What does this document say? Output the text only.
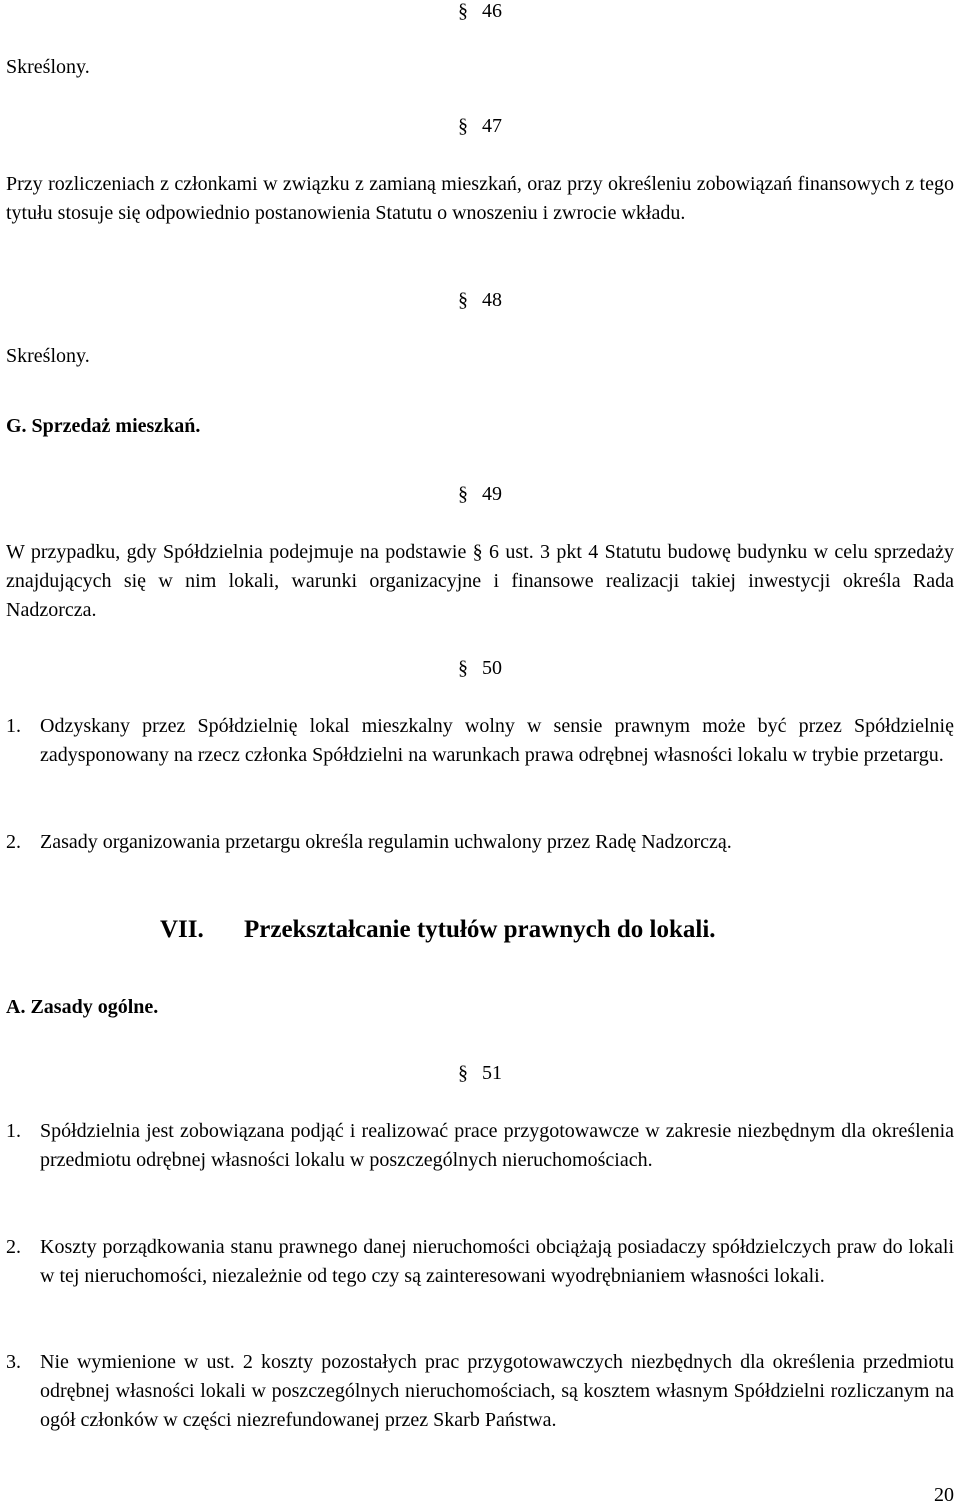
§ 46
Skreślony.
§ 47

Przy rozliczeniach z członkami w związku z zamianą mieszkań, oraz przy określeniu zobowiązań finansowych z tego tytułu stosuje się odpowiednio postanowienia Statutu o wnoszeniu i zwrocie wkładu.

§ 48
Skreślony.
G. Sprzedaż mieszkań.
§ 49

W przypadku, gdy Spółdzielnia podejmuje na podstawie § 6 ust. 3 pkt 4 Statutu budowę budynku w celu sprzedaży znajdujących się w nim lokali, warunki organizacyjne i finansowe realizacji takiej inwestycji określa Rada Nadzorcza.

§ 50
1. Odzyskany przez Spółdzielnię lokal mieszkalny wolny w sensie prawnym może być przez Spółdzielnię zadysponowany na rzecz członka Spółdzielni na warunkach prawa odrębnej własności lokalu w trybie przetargu.

2. Zasady organizowania przetargu określa regulamin uchwalony przez Radę Nadzorczą.

VII. Przekształcanie tytułów prawnych do lokali.
A. Zasady ogólne.
§ 51
1. Spółdzielnia jest zobowiązana podjąć i realizować prace przygotowawcze w zakresie niezbędnym dla określenia przedmiotu odrębnej własności lokalu w poszczególnych nieruchomościach.

2. Koszty porządkowania stanu prawnego danej nieruchomości obciążają posiadaczy spółdzielczych praw do lokali w tej nieruchomości, niezależnie od tego czy są zainteresowani wyodrębnianiem własności lokali.

3. Nie wymienione w ust. 2 koszty pozostałych prac przygotowawczych niezbędnych dla określenia przedmiotu odrębnej własności lokali w poszczególnych nieruchomościach, są kosztem własnym Spółdzielni rozliczanym na ogół członków w części niezrefundowanej przez Skarb Państwa.

20
